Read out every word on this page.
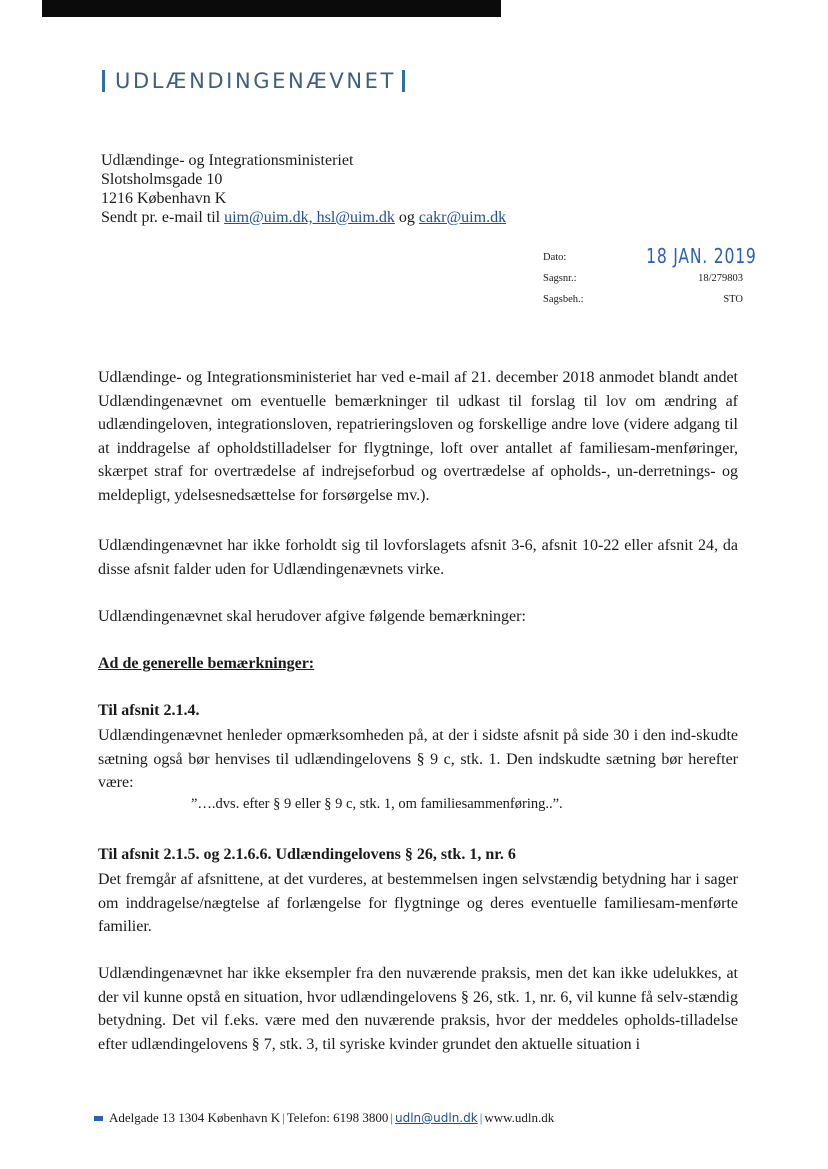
UDLÆNDINGENÆVNET
Udlændinge- og Integrationsministeriet
Slotsholmsgade 10
1216 København K
Sendt pr. e-mail til uim@uim.dk, hsl@uim.dk og cakr@uim.dk
Dato:	18 JAN. 2019
Sagsnr.:	18/279803
Sagsbeh.:	STO
Udlændinge- og Integrationsministeriet har ved e-mail af 21. december 2018 anmodet blandt andet Udlændingenævnet om eventuelle bemærkninger til udkast til forslag til lov om ændring af udlændingeloven, integrationsloven, repatrieringsloven og forskellige andre love (videre adgang til at inddragelse af opholdstilladelser for flygtninge, loft over antallet af familiesam-menføringer, skærpet straf for overtrædelse af indrejseforbud og overtrædelse af opholds-, un-derretnings- og meldepligt, ydelsesnedsættelse for forsørgelse mv.).
Udlændingenævnet har ikke forholdt sig til lovforslagets afsnit 3-6, afsnit 10-22 eller afsnit 24, da disse afsnit falder uden for Udlændingenævnets virke.
Udlændingenævnet skal herudover afgive følgende bemærkninger:
Ad de generelle bemærkninger:
Til afsnit 2.1.4.
Udlændingenævnet henleder opmærksomheden på, at der i sidste afsnit på side 30 i den ind-skudte sætning også bør henvises til udlændingelovens § 9 c, stk. 1. Den indskudte sætning bør herefter være:
”….dvs. efter § 9 eller § 9 c, stk. 1, om familiesammenføring..”.
Til afsnit 2.1.5. og 2.1.6.6. Udlændingelovens § 26, stk. 1, nr. 6
Det fremgår af afsnittene, at det vurderes, at bestemmelsen ingen selvstændig betydning har i sager om inddragelse/nægtelse af forlængelse for flygtninge og deres eventuelle familiesam-menførte familier.
Udlændingenævnet har ikke eksempler fra den nuværende praksis, men det kan ikke udelukkes, at der vil kunne opstå en situation, hvor udlændingelovens § 26, stk. 1, nr. 6, vil kunne få selv-stændig betydning. Det vil f.eks. være med den nuværende praksis, hvor der meddeles opholds-tilladelse efter udlændingelovens § 7, stk. 3, til syriske kvinder grundet den aktuelle situation i
Adelgade 13 1304 København K | Telefon: 6198 3800 | udln@udln.dk | www.udln.dk
